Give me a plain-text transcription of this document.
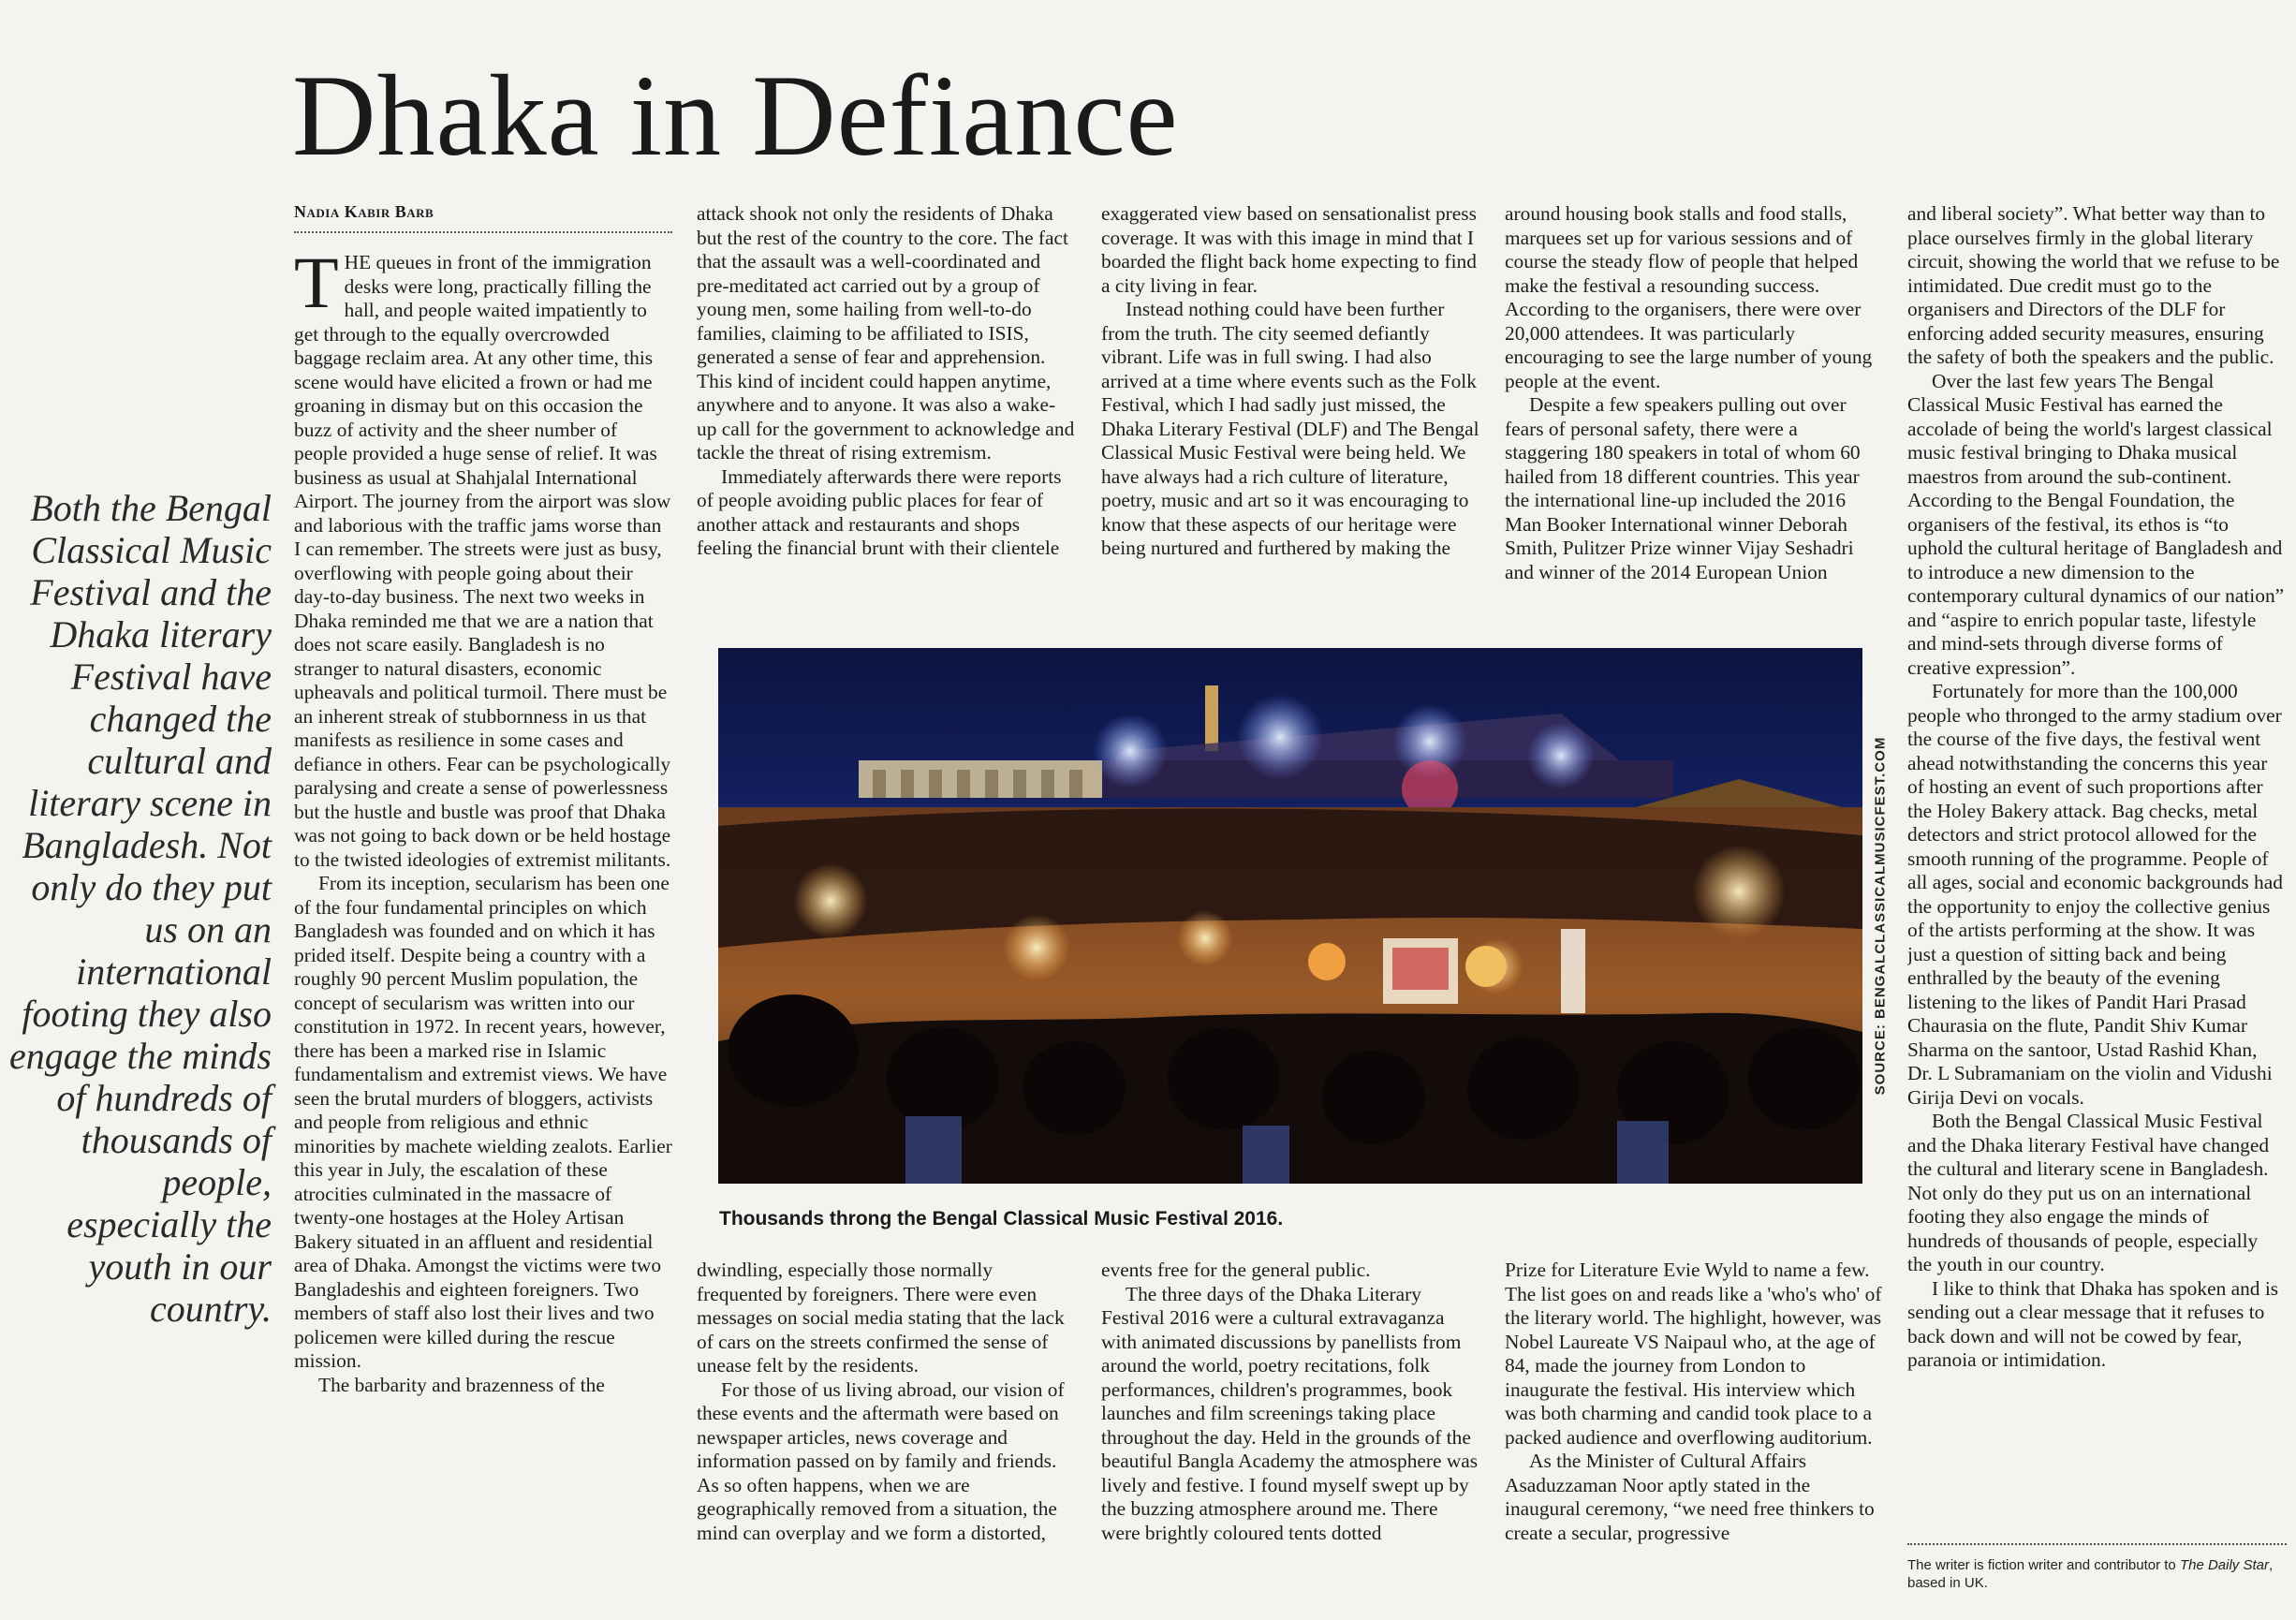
Dhaka in Defiance
Both the Bengal Classical Music Festival and the Dhaka literary Festival have changed the cultural and literary scene in Bangladesh. Not only do they put us on an international footing they also engage the minds of hundreds of thousands of people, especially the youth in our country.
Nadia Kabir Barb

THE queues in front of the immigration desks were long, practically filling the hall, and people waited impatiently to get through to the equally overcrowded baggage reclaim area. At any other time, this scene would have elicited a frown or had me groaning in dismay but on this occasion the buzz of activity and the sheer number of people provided a huge sense of relief. It was business as usual at Shahjalal International Airport. The journey from the airport was slow and laborious with the traffic jams worse than I can remember. The streets were just as busy, overflowing with people going about their day-to-day business. The next two weeks in Dhaka reminded me that we are a nation that does not scare easily. Bangladesh is no stranger to natural disasters, economic upheavals and political turmoil. There must be an inherent streak of stubbornness in us that manifests as resilience in some cases and defiance in others. Fear can be psychologically paralysing and create a sense of powerlessness but the hustle and bustle was proof that Dhaka was not going to back down or be held hostage to the twisted ideologies of extremist militants.

From its inception, secularism has been one of the four fundamental principles on which Bangladesh was founded and on which it has prided itself. Despite being a country with a roughly 90 percent Muslim population, the concept of secularism was written into our constitution in 1972. In recent years, however, there has been a marked rise in Islamic fundamentalism and extremist views. We have seen the brutal murders of bloggers, activists and people from religious and ethnic minorities by machete wielding zealots. Earlier this year in July, the escalation of these atrocities culminated in the massacre of twenty-one hostages at the Holey Artisan Bakery situated in an affluent and residential area of Dhaka. Amongst the victims were two Bangladeshis and eighteen foreigners. Two members of staff also lost their lives and two policemen were killed during the rescue mission.

The barbarity and brazenness of the

attack shook not only the residents of Dhaka but the rest of the country to the core. The fact that the assault was a well-coordinated and pre-meditated act carried out by a group of young men, some hailing from well-to-do families, claiming to be affiliated to ISIS, generated a sense of fear and apprehension. This kind of incident could happen anytime, anywhere and to anyone. It was also a wake-up call for the government to acknowledge and tackle the threat of rising extremism.

Immediately afterwards there were reports of people avoiding public places for fear of another attack and restaurants and shops feeling the financial brunt with their clientele

exaggerated view based on sensationalist press coverage. It was with this image in mind that I boarded the flight back home expecting to find a city living in fear.

Instead nothing could have been further from the truth. The city seemed defiantly vibrant. Life was in full swing. I had also arrived at a time where events such as the Folk Festival, which I had sadly just missed, the Dhaka Literary Festival (DLF) and The Bengal Classical Music Festival were being held. We have always had a rich culture of literature, poetry, music and art so it was encouraging to know that these aspects of our heritage were being nurtured and furthered by making the

around housing book stalls and food stalls, marquees set up for various sessions and of course the steady flow of people that helped make the festival a resounding success. According to the organisers, there were over 20,000 attendees. It was particularly encouraging to see the large number of young people at the event.

Despite a few speakers pulling out over fears of personal safety, there were a staggering 180 speakers in total of whom 60 hailed from 18 different countries. This year the international line-up included the 2016 Man Booker International winner Deborah Smith, Pulitzer Prize winner Vijay Seshadri and winner of the 2014 European Union

SOURCE: BENGALCLASSICALMUSICFEST.COM
Thousands throng the Bengal Classical Music Festival 2016.

dwindling, especially those normally frequented by foreigners. There were even messages on social media stating that the lack of cars on the streets confirmed the sense of unease felt by the residents.

For those of us living abroad, our vision of these events and the aftermath were based on newspaper articles, news coverage and information passed on by family and friends. As so often happens, when we are geographically removed from a situation, the mind can overplay and we form a distorted,

events free for the general public.

The three days of the Dhaka Literary Festival 2016 were a cultural extravaganza with animated discussions by panellists from around the world, poetry recitations, folk performances, children's programmes, book launches and film screenings taking place throughout the day. Held in the grounds of the beautiful Bangla Academy the atmosphere was lively and festive. I found myself swept up by the buzzing atmosphere around me. There were brightly coloured tents dotted

Prize for Literature Evie Wyld to name a few. The list goes on and reads like a 'who's who' of the literary world. The highlight, however, was Nobel Laureate VS Naipaul who, at the age of 84, made the journey from London to inaugurate the festival. His interview which was both charming and candid took place to a packed audience and overflowing auditorium.

As the Minister of Cultural Affairs Asaduzzaman Noor aptly stated in the inaugural ceremony, “we need free thinkers to create a secular, progressive

and liberal society”. What better way than to place ourselves firmly in the global literary circuit, showing the world that we refuse to be intimidated. Due credit must go to the organisers and Directors of the DLF for enforcing added security measures, ensuring the safety of both the speakers and the public.

Over the last few years The Bengal Classical Music Festival has earned the accolade of being the world's largest classical music festival bringing to Dhaka musical maestros from around the sub-continent. According to the Bengal Foundation, the organisers of the festival, its ethos is “to uphold the cultural heritage of Bangladesh and to introduce a new dimension to the contemporary cultural dynamics of our nation” and “aspire to enrich popular taste, lifestyle and mind-sets through diverse forms of creative expression”.

Fortunately for more than the 100,000 people who thronged to the army stadium over the course of the five days, the festival went ahead notwithstanding the concerns this year of hosting an event of such proportions after the Holey Bakery attack. Bag checks, metal detectors and strict protocol allowed for the smooth running of the programme. People of all ages, social and economic backgrounds had the opportunity to enjoy the collective genius of the artists performing at the show. It was just a question of sitting back and being enthralled by the beauty of the evening listening to the likes of Pandit Hari Prasad Chaurasia on the flute, Pandit Shiv Kumar Sharma on the santoor, Ustad Rashid Khan, Dr. L Subramaniam on the violin and Vidushi Girija Devi on vocals.

Both the Bengal Classical Music Festival and the Dhaka literary Festival have changed the cultural and literary scene in Bangladesh. Not only do they put us on an international footing they also engage the minds of hundreds of thousands of people, especially the youth in our country.

I like to think that Dhaka has spoken and is sending out a clear message that it refuses to back down and will not be cowed by fear, paranoia or intimidation.

The writer is fiction writer and contributor to The Daily Star, based in UK.
